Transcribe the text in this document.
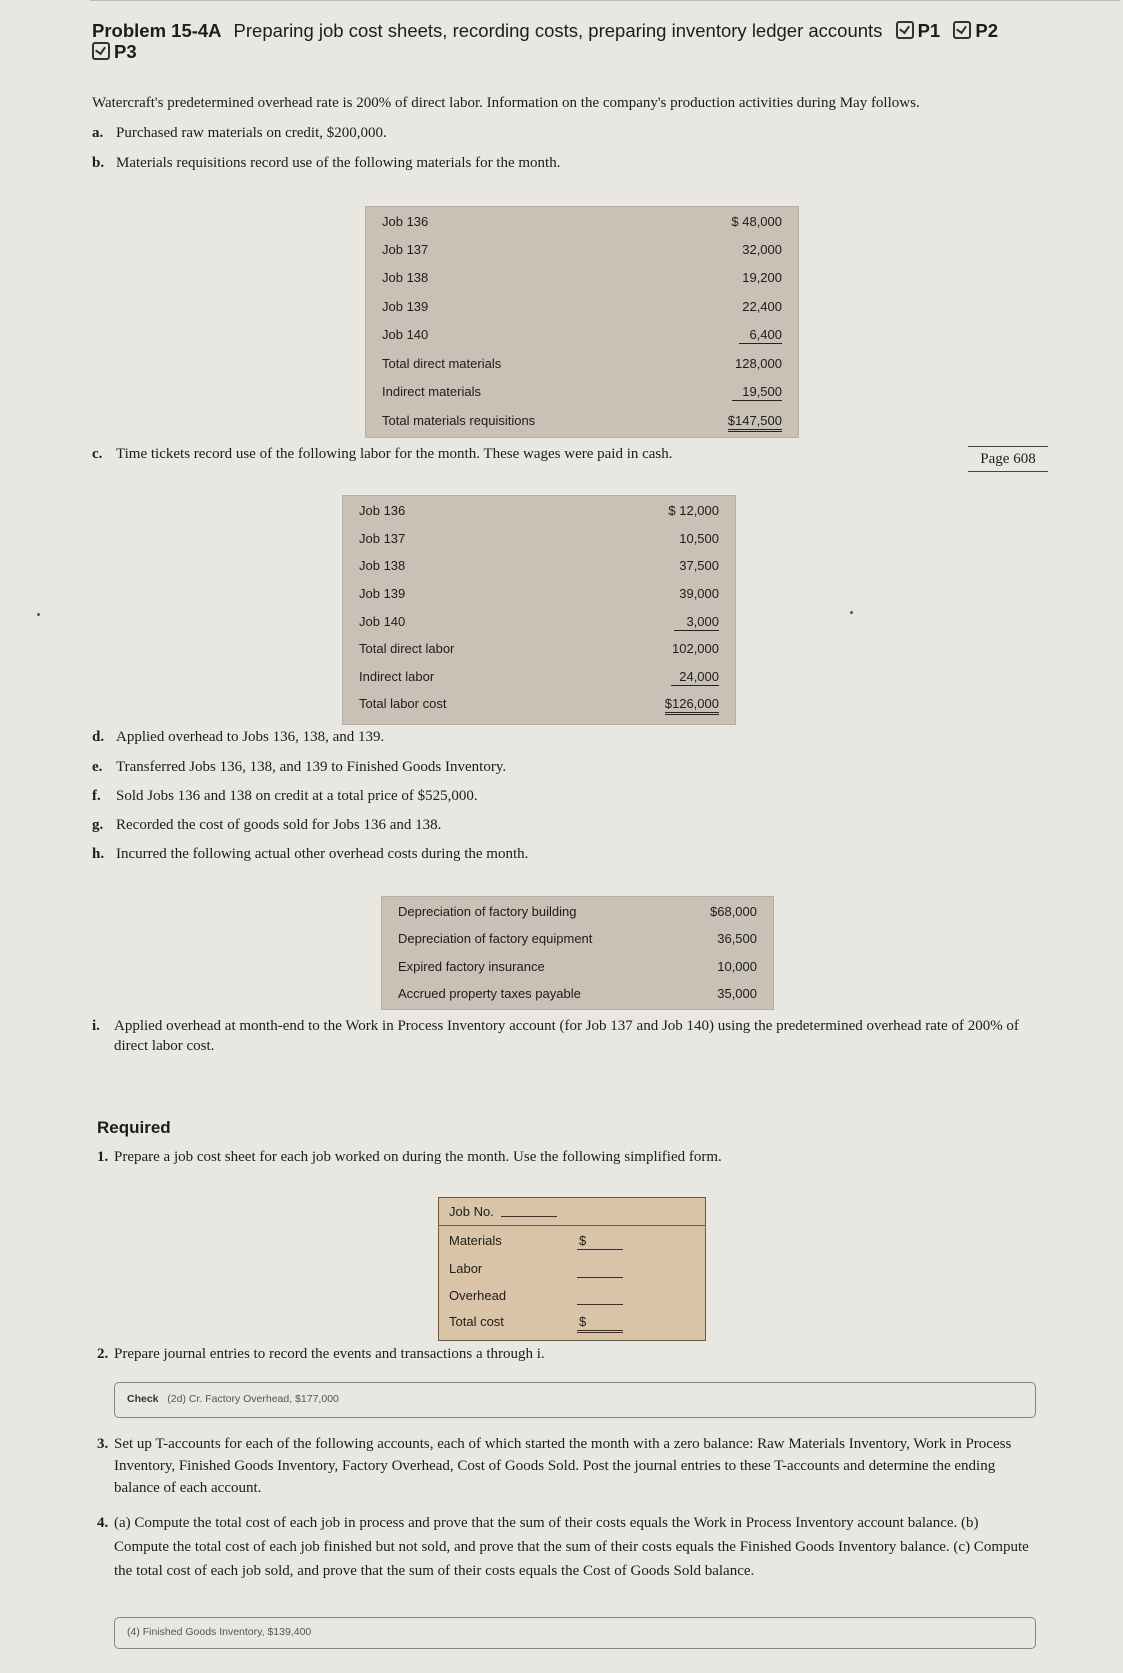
Problem 15-4A Preparing job cost sheets, recording costs, preparing inventory ledger accounts P1 P2
P3
Watercraft's predetermined overhead rate is 200% of direct labor. Information on the company's production activities during May follows.
a. Purchased raw materials on credit, $200,000.
b. Materials requisitions record use of the following materials for the month.
Job 136	$ 48,000
Job 137	32,000
Job 138	19,200
Job 139	22,400
Job 140	6,400
Total direct materials	128,000
Indirect materials	19,500
Total materials requisitions	$147,500
c. Time tickets record use of the following labor for the month. These wages were paid in cash.	Page 608
Job 136	$ 12,000
Job 137	10,500
Job 138	37,500
Job 139	39,000
Job 140	3,000
Total direct labor	102,000
Indirect labor	24,000
Total labor cost	$126,000
d. Applied overhead to Jobs 136, 138, and 139.
e. Transferred Jobs 136, 138, and 139 to Finished Goods Inventory.
f. Sold Jobs 136 and 138 on credit at a total price of $525,000.
g. Recorded the cost of goods sold for Jobs 136 and 138.
h. Incurred the following actual other overhead costs during the month.
Depreciation of factory building	$68,000
Depreciation of factory equipment	36,500
Expired factory insurance	10,000
Accrued property taxes payable	35,000
i. Applied overhead at month-end to the Work in Process Inventory account (for Job 137 and Job 140) using the predetermined overhead rate of 200% of direct labor cost.
Required
1. Prepare a job cost sheet for each job worked on during the month. Use the following simplified form.
Job No.
Materials	$
Labor
Overhead
Total cost	$
2. Prepare journal entries to record the events and transactions a through i.
Check (2d) Cr. Factory Overhead, $177,000
3. Set up T-accounts for each of the following accounts, each of which started the month with a zero balance: Raw Materials Inventory, Work in Process Inventory, Finished Goods Inventory, Factory Overhead, Cost of Goods Sold. Post the journal entries to these T-accounts and determine the ending balance of each account.
4. (a) Compute the total cost of each job in process and prove that the sum of their costs equals the Work in Process Inventory account balance. (b) Compute the total cost of each job finished but not sold, and prove that the sum of their costs equals the Finished Goods Inventory balance. (c) Compute the total cost of each job sold, and prove that the sum of their costs equals the Cost of Goods Sold balance.
(4) Finished Goods Inventory, $139,400
